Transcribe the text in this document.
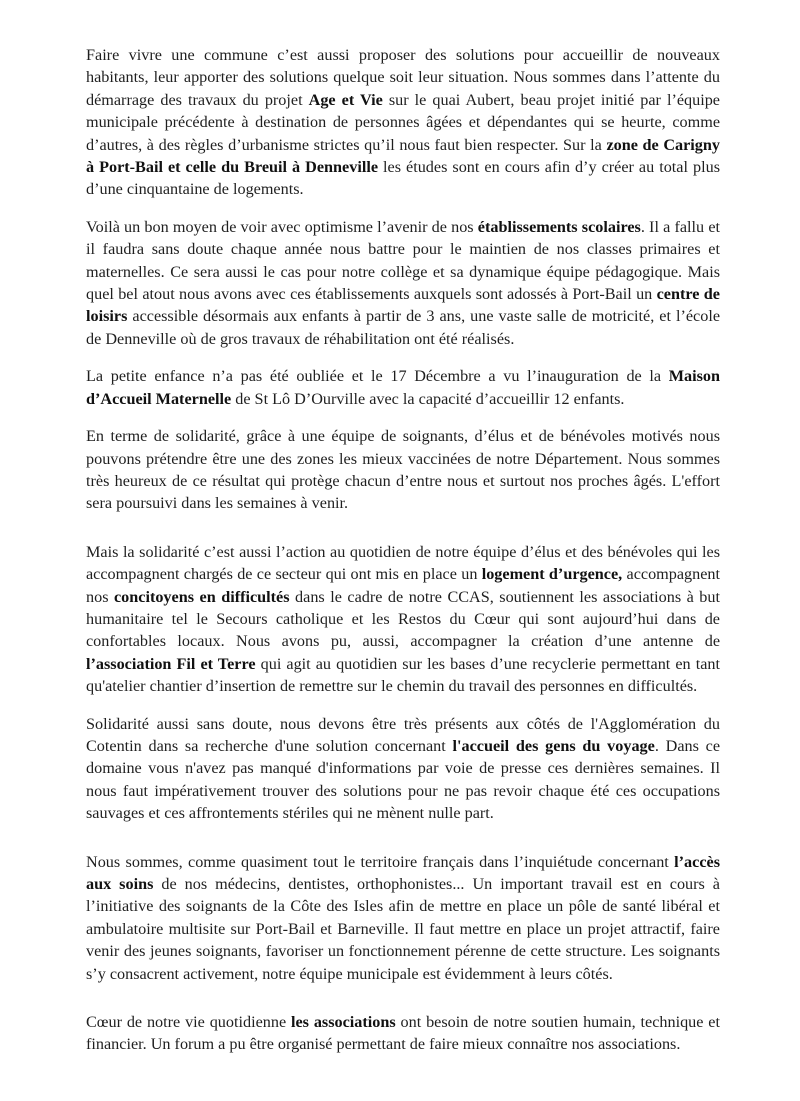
Faire vivre une commune c’est aussi proposer des solutions pour accueillir de nouveaux habitants, leur apporter des solutions quelque soit leur situation. Nous sommes dans l’attente du démarrage des travaux du projet Age et Vie sur le quai Aubert, beau projet initié par l’équipe municipale précédente à destination de personnes âgées et dépendantes qui se heurte, comme d’autres, à des règles d’urbanisme strictes qu’il nous faut bien respecter. Sur la zone de Carigny à Port-Bail et celle du Breuil à Denneville les études sont en cours afin d’y créer au total plus d’une cinquantaine de logements.

Voilà un bon moyen de voir avec optimisme l’avenir de nos établissements scolaires. Il a fallu et il faudra sans doute chaque année nous battre pour le maintien de nos classes primaires et maternelles. Ce sera aussi le cas pour notre collège et sa dynamique équipe pédagogique. Mais quel bel atout nous avons avec ces établissements auxquels sont adossés à Port-Bail un centre de loisirs accessible désormais aux enfants à partir de 3 ans, une vaste salle de motricité, et l’école de Denneville où de gros travaux de réhabilitation ont été réalisés.

La petite enfance n’a pas été oubliée et le 17 Décembre a vu l’inauguration de la Maison d’Accueil Maternelle de St Lô D’Ourville avec la capacité d’accueillir 12 enfants.

En terme de solidarité, grâce à une équipe de soignants, d’élus et de bénévoles motivés nous pouvons prétendre être une des zones les mieux vaccinées de notre Département. Nous sommes très heureux de ce résultat qui protège chacun d’entre nous et surtout nos proches âgés. L'effort sera poursuivi dans les semaines à venir.

Mais la solidarité c’est aussi l’action au quotidien de notre équipe d’élus et des bénévoles qui les accompagnent chargés de ce secteur qui ont mis en place un logement d’urgence, accompagnent nos concitoyens en difficultés dans le cadre de notre CCAS, soutiennent les associations à but humanitaire tel le Secours catholique et les Restos du Cœur qui sont aujourd’hui dans de confortables locaux. Nous avons pu, aussi, accompagner la création d’une antenne de l’association Fil et Terre qui agit au quotidien sur les bases d’une recyclerie permettant en tant qu'atelier chantier d’insertion de remettre sur le chemin du travail des personnes en difficultés.

Solidarité aussi sans doute, nous devons être très présents aux côtés de l'Agglomération du Cotentin dans sa recherche d'une solution concernant l'accueil des gens du voyage. Dans ce domaine vous n'avez pas manqué d'informations par voie de presse ces dernières semaines. Il nous faut impérativement trouver des solutions pour ne pas revoir chaque été ces occupations sauvages et ces affrontements stériles qui ne mènent nulle part.

Nous sommes, comme quasiment tout le territoire français dans l’inquiétude concernant l’accès aux soins de nos médecins, dentistes, orthophonistes... Un important travail est en cours à l’initiative des soignants de la Côte des Isles afin de mettre en place un pôle de santé libéral et ambulatoire multisite sur Port-Bail et Barneville. Il faut mettre en place un projet attractif, faire venir des jeunes soignants, favoriser un fonctionnement pérenne de cette structure. Les soignants s’y consacrent activement, notre équipe municipale est évidemment à leurs côtés.

Cœur de notre vie quotidienne les associations ont besoin de notre soutien humain, technique et financier. Un forum a pu être organisé permettant de faire mieux connaître nos associations.
